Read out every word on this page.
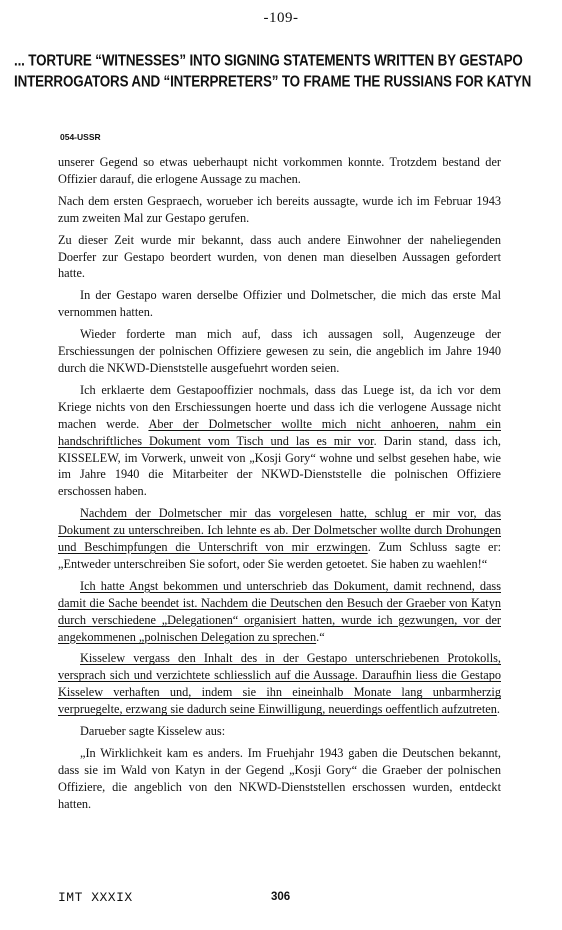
-109-
... TORTURE “WITNESSES” INTO SIGNING STATEMENTS WRITTEN BY GESTAPO
INTERROGATORS AND “INTERPRETERS” TO FRAME THE RUSSIANS FOR KATYN
054-USSR

unserer Gegend so etwas ueberhaupt nicht vorkommen konnte. Trotzdem bestand der Offizier darauf, die erlogene Aussage zu machen.

Nach dem ersten Gespraech, worueber ich bereits aussagte, wurde ich im Februar 1943 zum zweiten Mal zur Gestapo gerufen.

Zu dieser Zeit wurde mir bekannt, dass auch andere Einwohner der naheliegenden Doerfer zur Gestapo beordert wurden, von denen man dieselben Aussagen gefordert hatte.

In der Gestapo waren derselbe Offizier und Dolmetscher, die mich das erste Mal vernommen hatten.

Wieder forderte man mich auf, dass ich aussagen soll, Augenzeuge der Erschiessungen der polnischen Offiziere gewesen zu sein, die angeblich im Jahre 1940 durch die NKWD-Dienststelle ausgefuehrt worden seien.

Ich erklaerte dem Gestapooffizier nochmals, dass das Luege ist, da ich vor dem Kriege nichts von den Erschiessungen hoerte und dass ich die verlogene Aussage nicht machen werde. Aber der Dolmetscher wollte mich nicht anhoeren, nahm ein handschriftliches Dokument vom Tisch und las es mir vor. Darin stand, dass ich, KISSELEW, im Vorwerk, unweit von „Kosji Gory“ wohne und selbst gesehen habe, wie im Jahre 1940 die Mitarbeiter der NKWD-Dienststelle die polnischen Offiziere erschossen haben.

Nachdem der Dolmetscher mir das vorgelesen hatte, schlug er mir vor, das Dokument zu unterschreiben. Ich lehnte es ab. Der Dolmetscher wollte durch Drohungen und Beschimpfungen die Unterschrift von mir erzwingen. Zum Schluss sagte er: „Entweder unterschreiben Sie sofort, oder Sie werden getoetet. Sie haben zu waehlen!“

Ich hatte Angst bekommen und unterschrieb das Dokument, damit rechnend, dass damit die Sache beendet ist. Nachdem die Deutschen den Besuch der Graeber von Katyn durch verschiedene „Delegationen“ organisiert hatten, wurde ich gezwungen, vor der angekommenen „polnischen Delegation zu sprechen.“

Kisselew vergass den Inhalt des in der Gestapo unterschriebenen Protokolls, versprach sich und verzichtete schliesslich auf die Aussage. Daraufhin liess die Gestapo Kisselew verhaften und, indem sie ihn eineinhalb Monate lang unbarmherzig verpruegelte, erzwang sie dadurch seine Einwilligung, neuerdings oeffentlich aufzutreten.

Darueber sagte Kisselew aus:

„In Wirklichkeit kam es anders. Im Fruehjahr 1943 gaben die Deutschen bekannt, dass sie im Wald von Katyn in der Gegend „Kosji Gory“ die Graeber der polnischen Offiziere, die angeblich von den NKWD-Dienststellen erschossen wurden, entdeckt hatten.

IMT XXXIX	306
